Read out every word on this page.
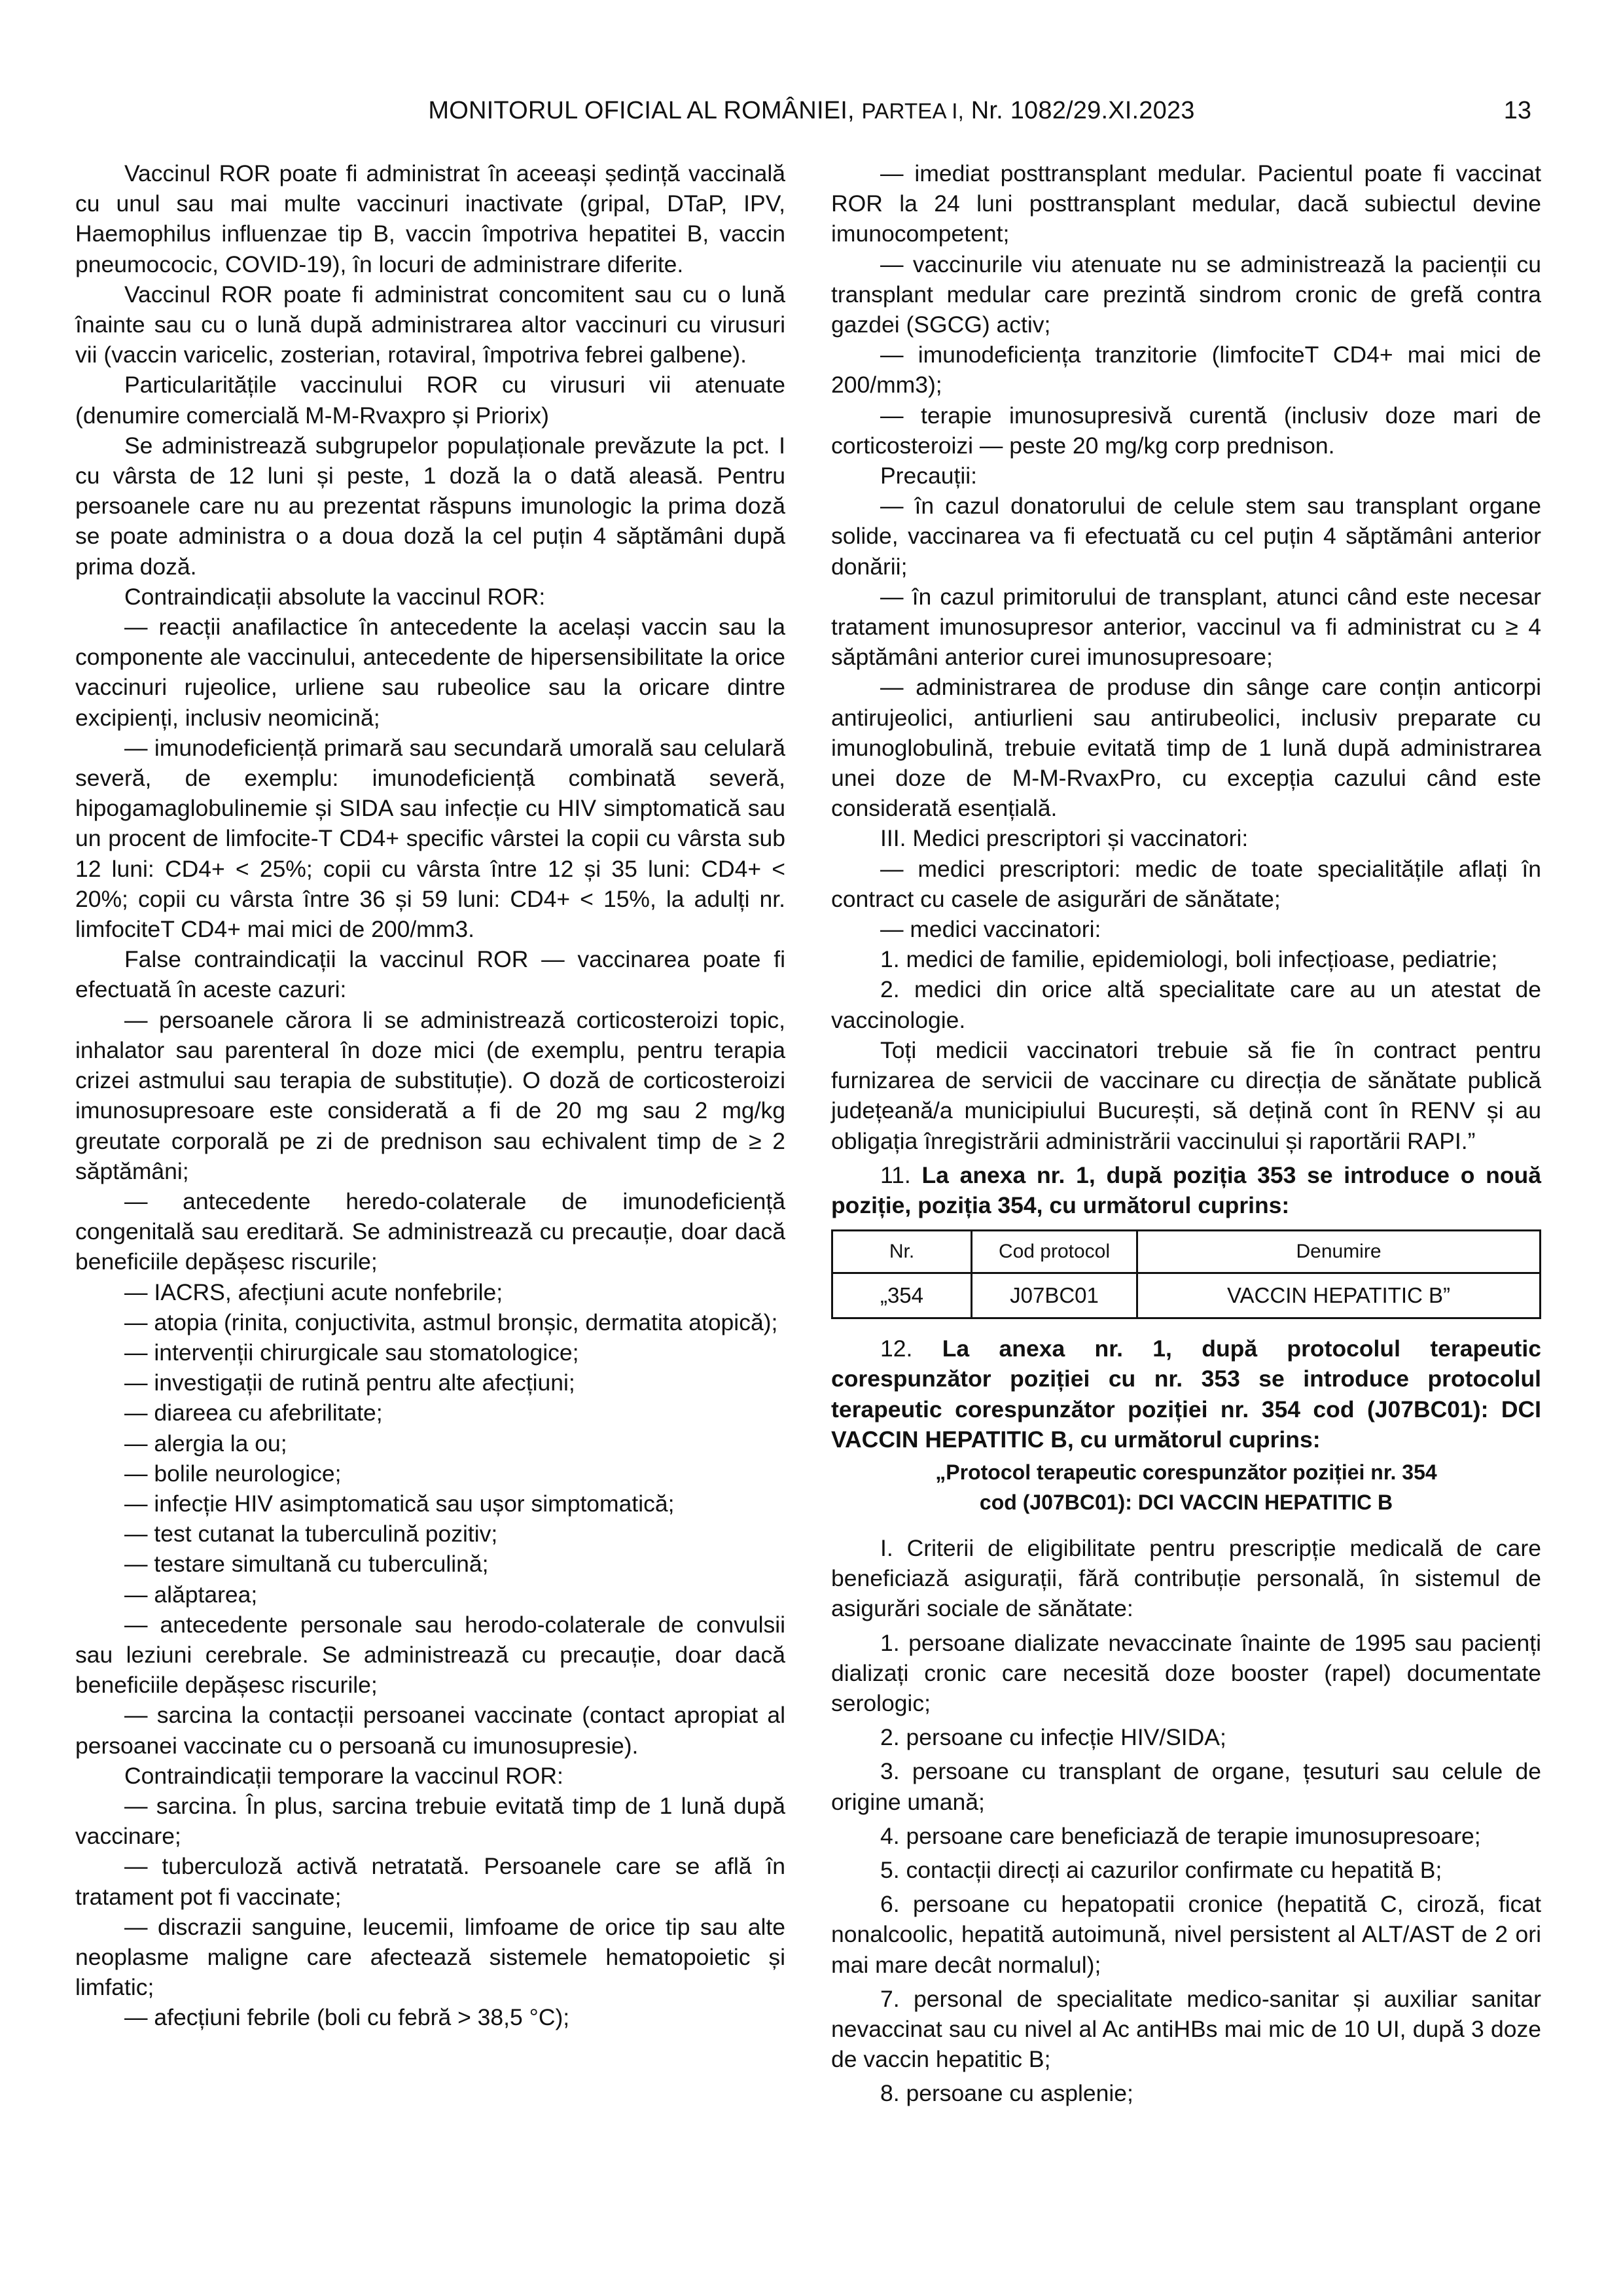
MONITORUL OFICIAL AL ROMÂNIEI, PARTEA I, Nr. 1082/29.XI.2023	13

Vaccinul ROR poate fi administrat în aceeași ședință vaccinală cu unul sau mai multe vaccinuri inactivate (gripal, DTaP, IPV, Haemophilus influenzae tip B, vaccin împotriva hepatitei B, vaccin pneumococic, COVID-19), în locuri de administrare diferite.

Vaccinul ROR poate fi administrat concomitent sau cu o lună înainte sau cu o lună după administrarea altor vaccinuri cu virusuri vii (vaccin varicelic, zosterian, rotaviral, împotriva febrei galbene).

Particularitățile vaccinului ROR cu virusuri vii atenuate (denumire comercială M-M-Rvaxpro și Priorix)

Se administrează subgrupelor populaționale prevăzute la pct. I cu vârsta de 12 luni și peste, 1 doză la o dată aleasă. Pentru persoanele care nu au prezentat răspuns imunologic la prima doză se poate administra o a doua doză la cel puțin 4 săptămâni după prima doză.

Contraindicații absolute la vaccinul ROR:

— reacții anafilactice în antecedente la același vaccin sau la componente ale vaccinului, antecedente de hipersensibilitate la orice vaccinuri rujeolice, urliene sau rubeolice sau la oricare dintre excipienți, inclusiv neomicină;

— imunodeficiență primară sau secundară umorală sau celulară severă, de exemplu: imunodeficiență combinată severă, hipogamaglobulinemie și SIDA sau infecție cu HIV simptomatică sau un procent de limfocite-T CD4+ specific vârstei la copii cu vârsta sub 12 luni: CD4+ < 25%; copii cu vârsta între 12 și 35 luni: CD4+ < 20%; copii cu vârsta între 36 și 59 luni: CD4+ < 15%, la adulți nr. limfociteT CD4+ mai mici de 200/mm3.

False contraindicații la vaccinul ROR — vaccinarea poate fi efectuată în aceste cazuri:

— persoanele cărora li se administrează corticosteroizi topic, inhalator sau parenteral în doze mici (de exemplu, pentru terapia crizei astmului sau terapia de substituție). O doză de corticosteroizi imunosupresoare este considerată a fi de 20 mg sau 2 mg/kg greutate corporală pe zi de prednison sau echivalent timp de ≥ 2 săptămâni;

— antecedente heredo-colaterale de imunodeficiență congenitală sau ereditară. Se administrează cu precauție, doar dacă beneficiile depășesc riscurile;

— IACRS, afecțiuni acute nonfebrile;

— atopia (rinita, conjuctivita, astmul bronșic, dermatita atopică);

— intervenții chirurgicale sau stomatologice;

— investigații de rutină pentru alte afecțiuni;

— diareea cu afebrilitate;

— alergia la ou;

— bolile neurologice;

— infecție HIV asimptomatică sau ușor simptomatică;

— test cutanat la tuberculină pozitiv;

— testare simultană cu tuberculină;

— alăptarea;

— antecedente personale sau herodo-colaterale de convulsii sau leziuni cerebrale. Se administrează cu precauție, doar dacă beneficiile depășesc riscurile;

— sarcina la contacții persoanei vaccinate (contact apropiat al persoanei vaccinate cu o persoană cu imunosupresie).

Contraindicații temporare la vaccinul ROR:

— sarcina. În plus, sarcina trebuie evitată timp de 1 lună după vaccinare;

— tuberculoză activă netratată. Persoanele care se află în tratament pot fi vaccinate;

— discrazii sanguine, leucemii, limfoame de orice tip sau alte neoplasme maligne care afectează sistemele hematopoietic și limfatic;

— afecțiuni febrile (boli cu febră > 38,5 °C);

— imediat posttransplant medular. Pacientul poate fi vaccinat ROR la 24 luni posttransplant medular, dacă subiectul devine imunocompetent;

— vaccinurile viu atenuate nu se administrează la pacienții cu transplant medular care prezintă sindrom cronic de grefă contra gazdei (SGCG) activ;

— imunodeficiența tranzitorie (limfociteT CD4+ mai mici de 200/mm3);

— terapie imunosupresivă curentă (inclusiv doze mari de corticosteroizi — peste 20 mg/kg corp prednison.

Precauții:

— în cazul donatorului de celule stem sau transplant organe solide, vaccinarea va fi efectuată cu cel puțin 4 săptămâni anterior donării;

— în cazul primitorului de transplant, atunci când este necesar tratament imunosupresor anterior, vaccinul va fi administrat cu ≥ 4 săptămâni anterior curei imunosupresoare;

— administrarea de produse din sânge care conțin anticorpi antirujeolici, antiurlieni sau antirubeolici, inclusiv preparate cu imunoglobulină, trebuie evitată timp de 1 lună după administrarea unei doze de M-M-RvaxPro, cu excepția cazului când este considerată esențială.

III. Medici prescriptori și vaccinatori:

— medici prescriptori: medic de toate specialitățile aflați în contract cu casele de asigurări de sănătate;

— medici vaccinatori:

1. medici de familie, epidemiologi, boli infecțioase, pediatrie;

2. medici din orice altă specialitate care au un atestat de vaccinologie.

Toți medicii vaccinatori trebuie să fie în contract pentru furnizarea de servicii de vaccinare cu direcția de sănătate publică județeană/a municipiului București, să dețină cont în RENV și au obligația înregistrării administrării vaccinului și raportării RAPI.”

11. La anexa nr. 1, după poziția 353 se introduce o nouă poziție, poziția 354, cu următorul cuprins:

Nr.	Cod protocol	Denumire
„354	J07BC01	VACCIN HEPATITIC B”

12. La anexa nr. 1, după protocolul terapeutic corespunzător poziției cu nr. 353 se introduce protocolul terapeutic corespunzător poziției nr. 354 cod (J07BC01): DCI VACCIN HEPATITIC B, cu următorul cuprins:

„Protocol terapeutic corespunzător poziției nr. 354
cod (J07BC01): DCI VACCIN HEPATITIC B

I. Criterii de eligibilitate pentru prescripție medicală de care beneficiază asigurații, fără contribuție personală, în sistemul de asigurări sociale de sănătate:

1. persoane dializate nevaccinate înainte de 1995 sau pacienți dializați cronic care necesită doze booster (rapel) documentate serologic;

2. persoane cu infecție HIV/SIDA;

3. persoane cu transplant de organe, țesuturi sau celule de origine umană;

4. persoane care beneficiază de terapie imunosupresoare;

5. contacții direcți ai cazurilor confirmate cu hepatită B;

6. persoane cu hepatopatii cronice (hepatită C, ciroză, ficat nonalcoolic, hepatită autoimună, nivel persistent al ALT/AST de 2 ori mai mare decât normalul);

7. personal de specialitate medico-sanitar și auxiliar sanitar nevaccinat sau cu nivel al Ac antiHBs mai mic de 10 UI, după 3 doze de vaccin hepatitic B;

8. persoane cu asplenie;
